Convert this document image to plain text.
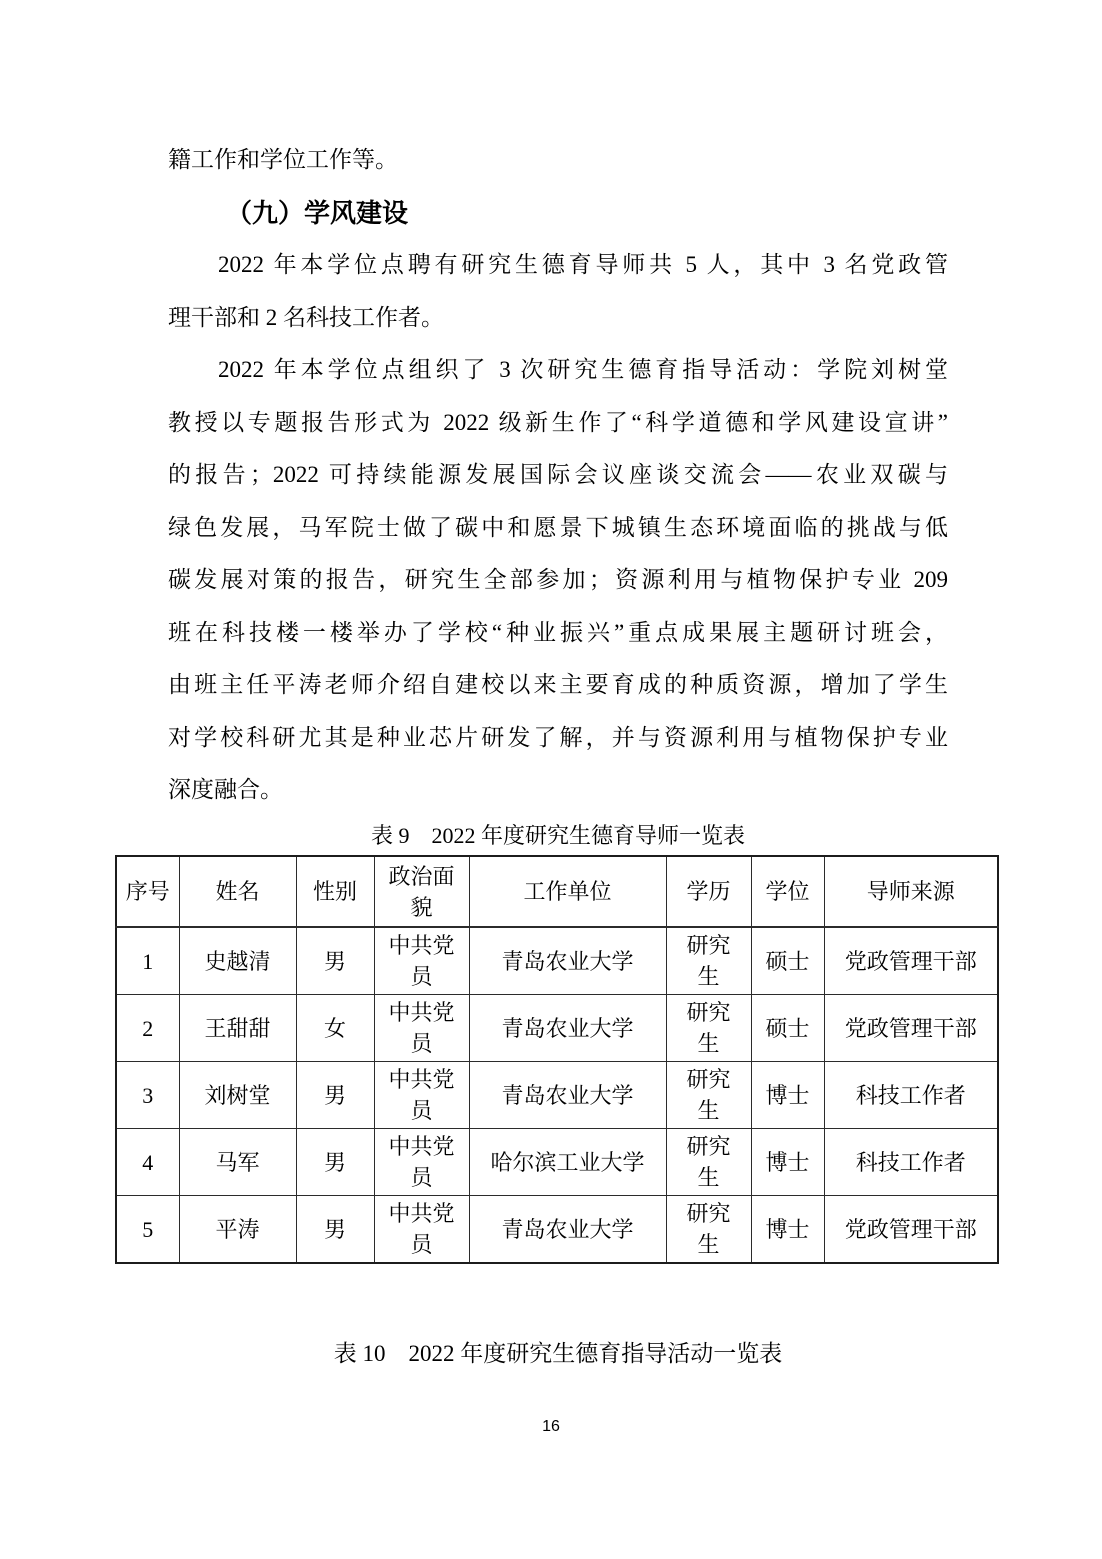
籍工作和学位工作等。
（九）学风建设
2022 年本学位点聘有研究生德育导师共 5 人，其中 3 名党政管
理干部和 2 名科技工作者。
2022 年本学位点组织了 3 次研究生德育指导活动：学院刘树堂
教授以专题报告形式为 2022 级新生作了“科学道德和学风建设宣讲”
的报告；2022 可持续能源发展国际会议座谈交流会——农业双碳与
绿色发展，马军院士做了碳中和愿景下城镇生态环境面临的挑战与低
碳发展对策的报告，研究生全部参加；资源利用与植物保护专业 209
班在科技楼一楼举办了学校“种业振兴”重点成果展主题研讨班会，
由班主任平涛老师介绍自建校以来主要育成的种质资源，增加了学生
对学校科研尤其是种业芯片研发了解，并与资源利用与植物保护专业
深度融合。
表 9　2022 年度研究生德育导师一览表
序号	姓名	性别	政治面貌	工作单位	学历	学位	导师来源
1	史越清	男	中共党员	青岛农业大学	研究生	硕士	党政管理干部
2	王甜甜	女	中共党员	青岛农业大学	研究生	硕士	党政管理干部
3	刘树堂	男	中共党员	青岛农业大学	研究生	博士	科技工作者
4	马军	男	中共党员	哈尔滨工业大学	研究生	博士	科技工作者
5	平涛	男	中共党员	青岛农业大学	研究生	博士	党政管理干部
表 10　2022 年度研究生德育指导活动一览表
16
